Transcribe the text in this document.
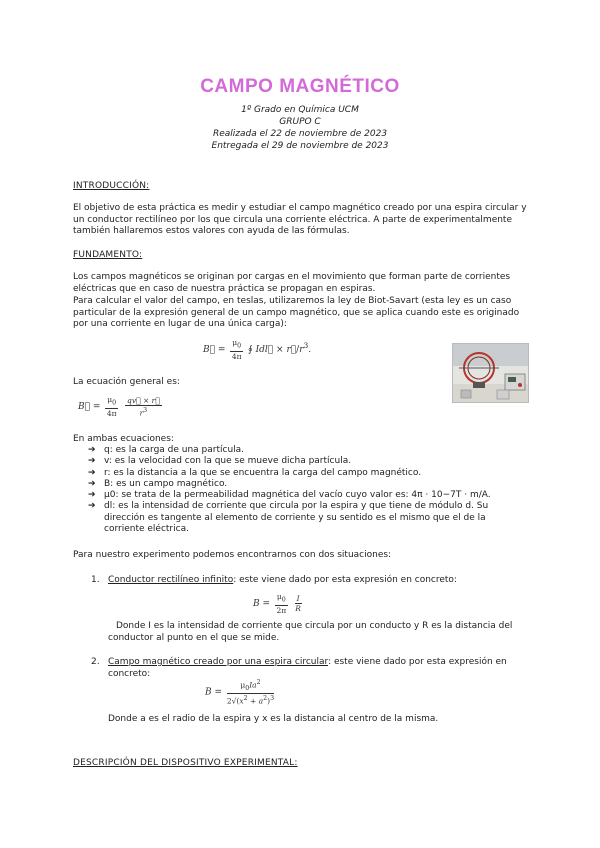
CAMPO MAGNÉTICO
1º Grado en Química UCM
GRUPO C
Realizada el 22 de noviembre de 2023
Entregada el 29 de noviembre de 2023
INTRODUCCIÓN:
El objetivo de esta práctica es medir y estudiar el campo magnético creado por una espira circular y un conductor rectilíneo por los que circula una corriente eléctrica. A parte de experimentalmente también hallaremos estos valores con ayuda de las fórmulas.
FUNDAMENTO:
Los campos magnéticos se originan por cargas en el movimiento que forman parte de corrientes eléctricas que en caso de nuestra práctica se propagan en espiras.
Para calcular el valor del campo, en teslas, utilizaremos la ley de Biot-Savart (esta ley es un caso particular de la expresión general de un campo magnético, que se aplica cuando este es originado por una corriente en lugar de una única carga):
B⃗ = $\frac{\mu_0}{4\pi}$ ∮ Idl⃗ × $r⃗/r^3$.
La ecuación general es:
B⃗ = $\frac{\mu_0}{4\pi}$
$\frac{qv⃗ \times r⃗}{r^3}$
En ambas ecuaciones:
➔ q: es la carga de una partícula.
➔ v: es la velocidad con la que se mueve dicha partícula.
➔ r: es la distancia a la que se encuentra la carga del campo magnético.
➔ B: es un campo magnético.
➔ μ0: se trata de la permeabilidad magnética del vacío cuyo valor es: 4π · 10−7T · m/A.
➔ dl: es la intensidad de corriente que circula por la espira y que tiene de módulo d. Su dirección es tangente al elemento de corriente y su sentido es el mismo que el de la corriente eléctrica.
Para nuestro experimento podemos encontrarnos con dos situaciones:
1. Conductor rectilíneo infinito: este viene dado por esta expresión en concreto:
$B = \frac{\mu_0}{2\pi}$
$\frac{I}{R}$
Donde I es la intensidad de corriente que circula por un conducto y R es la distancia del conductor al punto en el que se mide.
2. Campo magnético creado por una espira circular: este viene dado por esta expresión en concreto:
$B = \frac{\mu_0Ia^2}{2√(x^2 + a^2)^3}$
Donde a es el radio de la espira y x es la distancia al centro de la misma.
DESCRIPCIÓN DEL DISPOSITIVO EXPERIMENTAL:
